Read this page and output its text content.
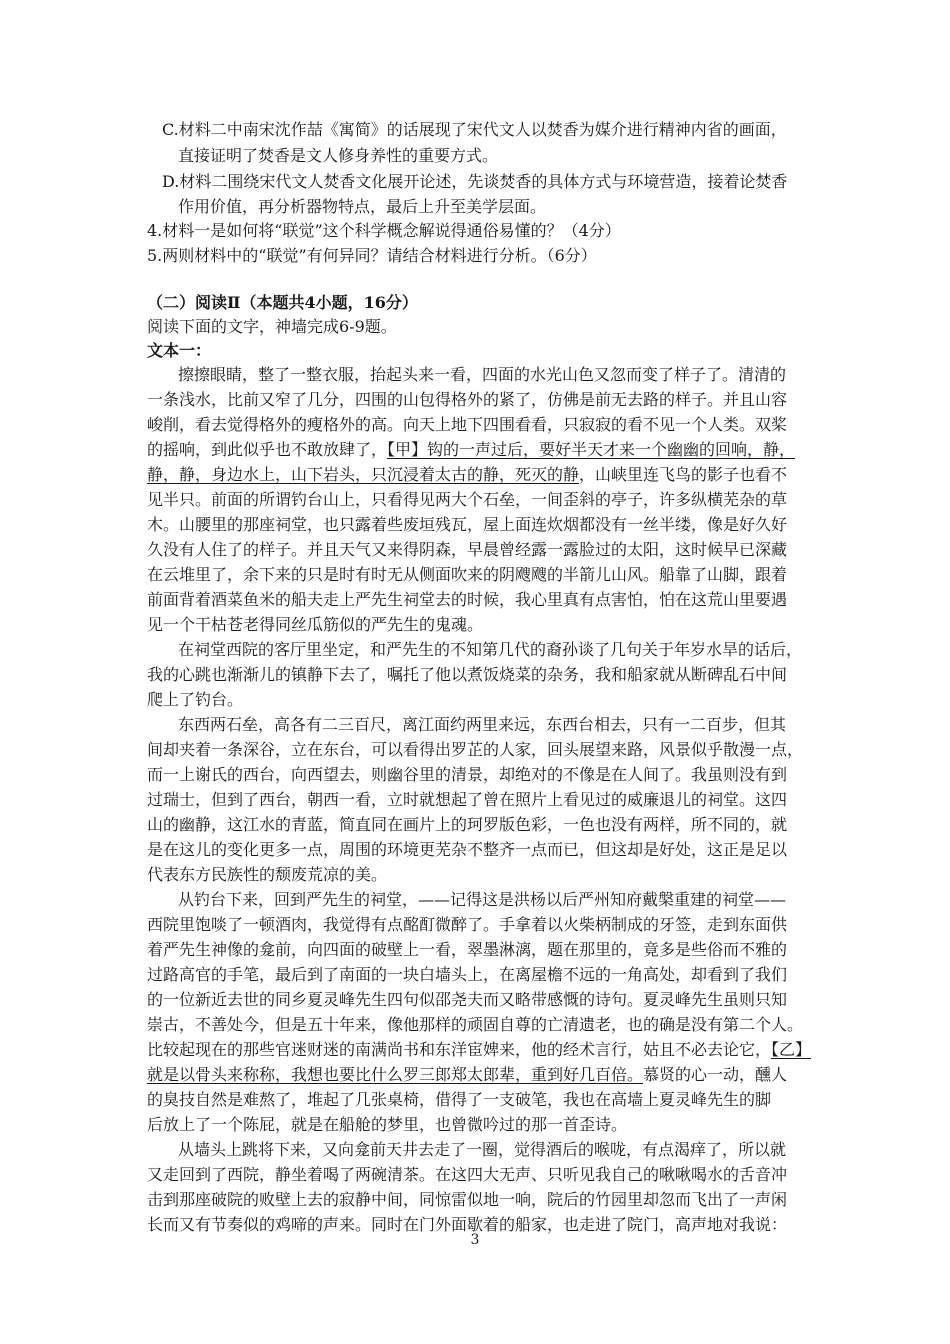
C.材料二中南宋沈作喆《寓简》的话展现了宋代文人以焚香为媒介进行精神内省的画面，
直接证明了焚香是文人修身养性的重要方式。
D.材料二围绕宋代文人焚香文化展开论述，先谈焚香的具体方式与环境营造，接着论焚香
作用价值，再分析器物特点，最后上升至美学层面。
4.材料一是如何将“联觉”这个科学概念解说得通俗易懂的？（4分）
5.两则材料中的“联觉”有何异同？请结合材料进行分析。（6分）
（二）阅读Ⅱ（本题共4小题，16分）
阅读下面的文字，神墙完成6-9题。
文本一：
擦擦眼睛，整了一整衣服，抬起头来一看，四面的水光山色又忽而变了样子了。清清的
一条浅水，比前又窄了几分，四围的山包得格外的紧了，仿佛是前无去路的样子。并且山容
峻削，看去觉得格外的瘦格外的高。向天上地下四围看看，只寂寂的看不见一个人类。双桨
的摇响，到此似乎也不敢放肆了，【甲】钩的一声过后，要好半天才来一个幽幽的回响，静，
静，静，身边水上，山下岩头，只沉浸着太古的静，死灭的静，山峡里连飞鸟的影子也看不
见半只。前面的所谓钓台山上，只看得见两大个石垒，一间歪斜的亭子，许多纵横芜杂的草
木。山腰里的那座祠堂，也只露着些废垣残瓦，屋上面连炊烟都没有一丝半缕，像是好久好
久没有人住了的样子。并且天气又来得阴森，早晨曾经露一露脸过的太阳，这时候早已深藏
在云堆里了，余下来的只是时有时无从侧面吹来的阴飕飕的半箭儿山风。船靠了山脚，跟着
前面背着酒菜鱼米的船夫走上严先生祠堂去的时候，我心里真有点害怕，怕在这荒山里要遇
见一个干枯苍老得同丝瓜筋似的严先生的鬼魂。
在祠堂西院的客厅里坐定，和严先生的不知第几代的裔孙谈了几句关于年岁水旱的话后，
我的心跳也渐渐儿的镇静下去了，嘱托了他以煮饭烧菜的杂务，我和船家就从断碑乱石中间
爬上了钓台。
东西两石垒，高各有二三百尺，离江面约两里来远，东西台相去，只有一二百步，但其
间却夹着一条深谷，立在东台，可以看得出罗芷的人家，回头展望来路，风景似乎散漫一点，
而一上谢氏的西台，向西望去，则幽谷里的清景，却绝对的不像是在人间了。我虽则没有到
过瑞士，但到了西台，朝西一看，立时就想起了曾在照片上看见过的威廉退儿的祠堂。这四
山的幽静，这江水的青蓝，简直同在画片上的珂罗版色彩，一色也没有两样，所不同的，就
是在这儿的变化更多一点，周围的环境更芜杂不整齐一点而已，但这却是好处，这正是足以
代表东方民族性的颓废荒凉的美。
从钓台下来，回到严先生的祠堂，——记得这是洪杨以后严州知府戴槃重建的祠堂——
西院里饱啖了一顿酒肉，我觉得有点酩酊微醉了。手拿着以火柴柄制成的牙签，走到东面供
着严先生神像的龛前，向四面的破壁上一看，翠墨淋漓，题在那里的，竟多是些俗而不雅的
过路高官的手笔，最后到了南面的一块白墙头上，在离屋檐不远的一角高处，却看到了我们
的一位新近去世的同乡夏灵峰先生四句似邵尧夫而又略带感慨的诗句。夏灵峰先生虽则只知
崇古，不善处今，但是五十年来，像他那样的顽固自尊的亡清遗老，也的确是没有第二个人。
比较起现在的那些官迷财迷的南满尚书和东洋宦婢来，他的经术言行，姑且不必去论它，【乙】
就是以骨头来称称，我想也要比什么罗三郎郑太郎辈，重到好几百倍。慕贤的心一动，醺人
的臭技自然是难熬了，堆起了几张桌椅，借得了一支破笔，我也在高墙上夏灵峰先生的脚
后放上了一个陈屁，就是在船舱的梦里，也曾微吟过的那一首歪诗。
从墙头上跳将下来，又向龛前天井去走了一圈，觉得酒后的喉咙，有点渴痒了，所以就
又走回到了西院，静坐着喝了两碗清茶。在这四大无声、只听见我自己的啾啾喝水的舌音冲
击到那座破院的败壁上去的寂静中间，同惊雷似地一响，院后的竹园里却忽而飞出了一声闲
长而又有节奏似的鸡啼的声来。同时在门外面歇着的船家，也走进了院门，高声地对我说：
3
